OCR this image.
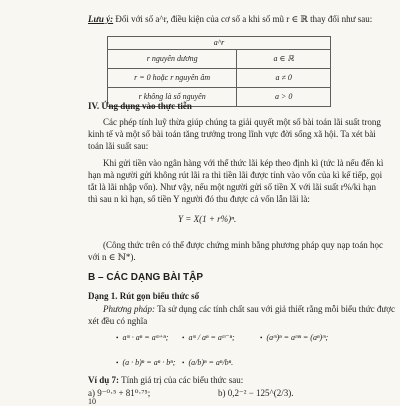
Lưu ý: Đối với số a^r, điều kiện của cơ số a khi số mũ r ∈ ℝ thay đổi như sau:
a^r	
r nguyên dương	a ∈ ℝ
r = 0 hoặc r nguyên âm	a ≠ 0
r không là số nguyên	a > 0
IV. Ứng dụng vào thực tiễn
Các phép tính luỹ thừa giúp chúng ta giải quyết một số bài toán lãi suất trong
kinh tế và một số bài toán tăng trưởng trong lĩnh vực đời sống xã hội. Ta xét bài
toán lãi suất sau:
Khi gửi tiền vào ngân hàng với thể thức lãi kép theo định kì (tức là nếu đến kì
hạn mà người gửi không rút lãi ra thì tiền lãi được tính vào vốn của kì kế tiếp, gọi
tắt là lãi nhập vốn). Như vậy, nếu một người gửi số tiền X với lãi suất r%/kì hạn
thì sau n kì hạn, số tiền Y người đó thu được cả vốn lẫn lãi là:
Y = X(1 + r%)ⁿ.
(Công thức trên có thể được chứng minh bằng phương pháp quy nạp toán học
với n ∈ ℕ*).
B – CÁC DẠNG BÀI TẬP
Dạng 1. Rút gọn biểu thức số
Phương pháp: Ta sử dụng các tính chất sau với giả thiết rằng mỗi biểu thức được
xét đều có nghĩa
• aᵐ · aⁿ = aᵐ⁺ⁿ; • aᵐ / aⁿ = aᵐ⁻ⁿ;	• (aᵐ)ⁿ = aᵐⁿ = (aⁿ)ᵐ;
• (a · b)ⁿ = aⁿ · bⁿ; • (a/b)ⁿ = aⁿ/bⁿ.
Ví dụ 7: Tính giá trị của các biểu thức sau:
a) 9⁻⁰·⁵ + 81⁰·⁷⁵;	b) 0,2⁻² − 125^(2/3).
10
